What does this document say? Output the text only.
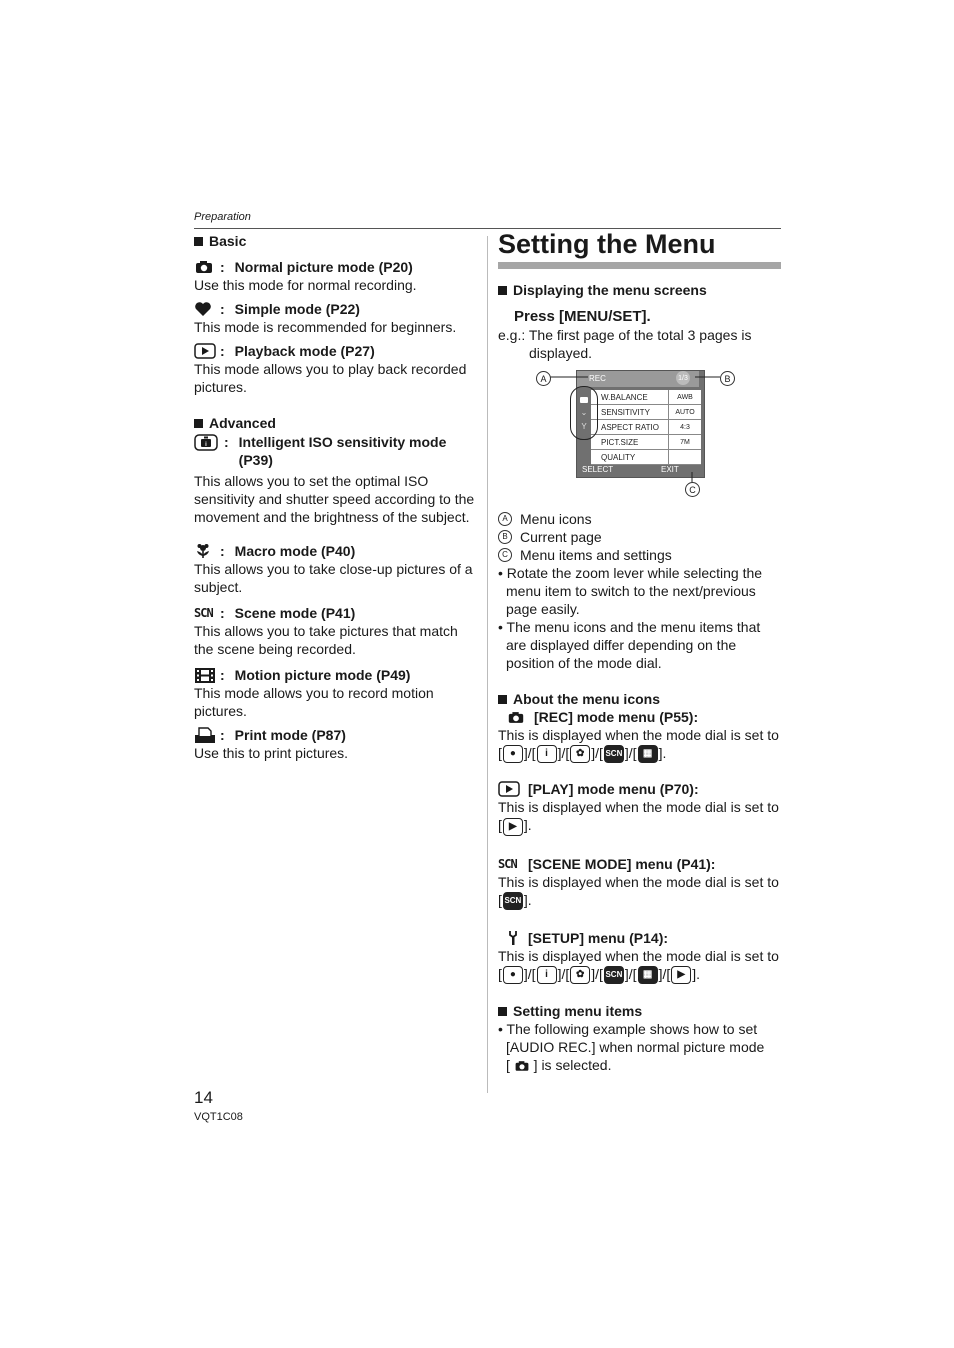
Preparation
Basic
: Normal picture mode (P20)

Use this mode for normal recording.

: Simple mode (P22)

This mode is recommended for beginners.

: Playback mode (P27)

This mode allows you to play back recorded pictures.

Advanced
i : Intelligent ISO sensitivity mode (P39)

This allows you to set the optimal ISO sensitivity and shutter speed according to the movement and the brightness of the subject.

: Macro mode (P40)

This allows you to take close-up pictures of a subject.

SCN : Scene mode (P41)

This allows you to take pictures that match the scene being recorded.

: Motion picture mode (P49)

This mode allows you to record motion pictures.

: Print mode (P87)

Use this to print pictures.

Setting the Menu
Displaying the menu screens
Press [MENU/SET].
e.g.: The first page of the total 3 pages is displayed.
A Menu icons
B Current page
C Menu items and settings
• Rotate the zoom lever while selecting the menu item to switch to the next/previous page easily.
• The menu icons and the menu items that are displayed differ depending on the position of the mode dial.
About the menu icons
[REC] mode menu (P55):
This is displayed when the mode dial is set to [ ● ]/[ i ]/[ ✿ ]/[ SCN ]/[ ▦ ].
[PLAY] mode menu (P70):
This is displayed when the mode dial is set to [ ▶ ].
SCN [SCENE MODE] menu (P41):
This is displayed when the mode dial is set to [ SCN ].
[SETUP] menu (P14):
This is displayed when the mode dial is set to [ ● ]/[ i ]/[ ✿ ]/[ SCN ]/[ ▦ ]/[ ▶ ].
Setting menu items
• The following example shows how to set [AUDIO REC.] when normal picture mode
[  ] is selected.
REC	1/3
⌄
Y
W.BALANCE	AWB
SENSITIVITY	AUTO
ASPECT RATIO	4:3
PICT.SIZE	7M
QUALITY
SELECT	EXIT
A	B
C
14
VQT1C08
